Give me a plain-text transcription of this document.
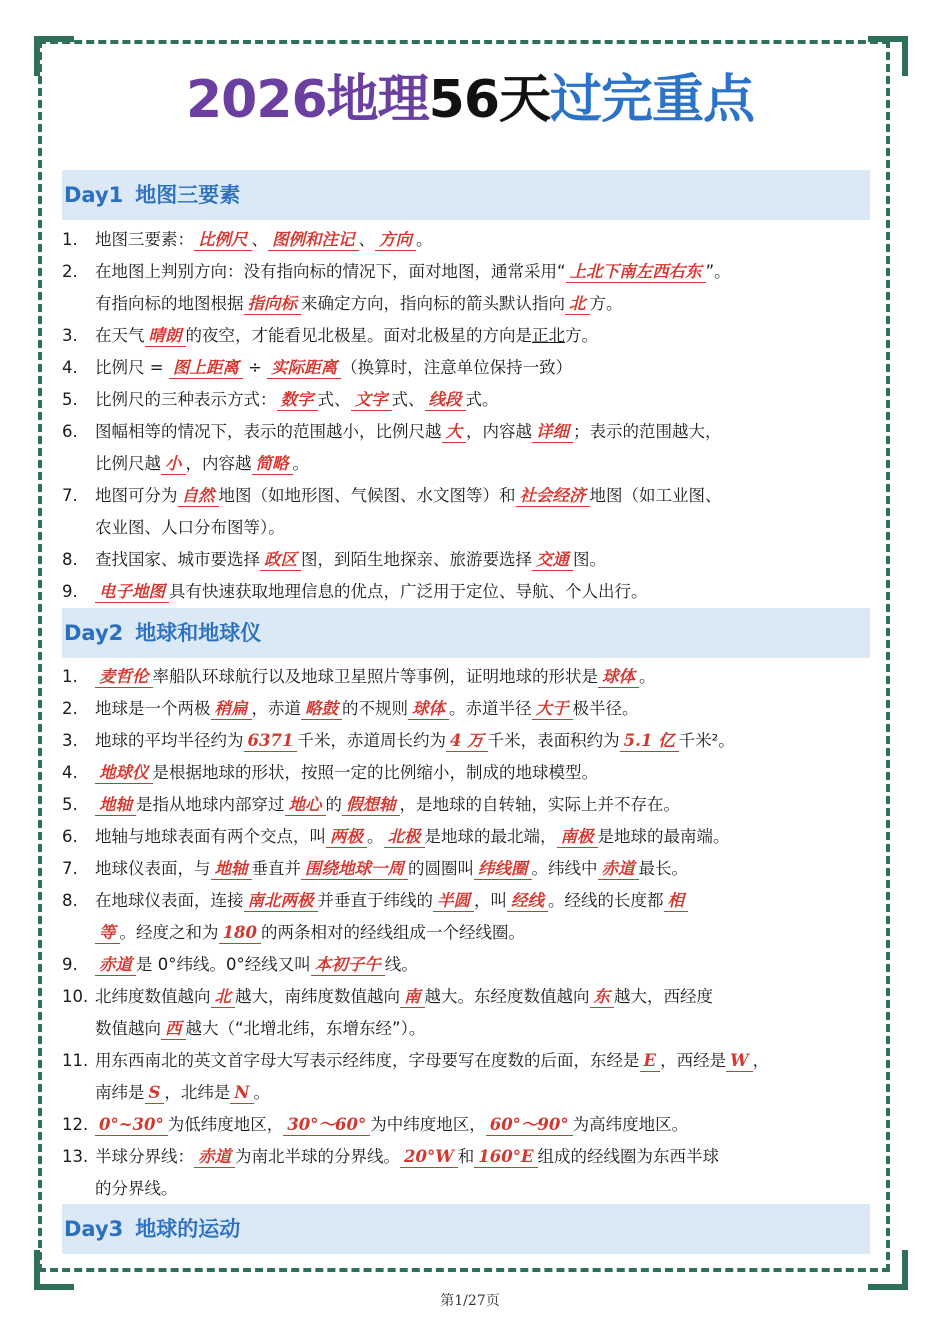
2026地理56天过完重点
Day1 地图三要素
1. 地图三要素： 比例尺 、 图例和注记 、 方向 。
2. 在地图上判别方向：没有指向标的情况下，面对地图，通常采用“ 上北下南左西右东 ”。
有指向标的地图根据 指向标 来确定方向，指向标的箭头默认指向 北 方。
3. 在天气 晴朗 的夜空，才能看见北极星。面对北极星的方向是正北方。
4. 比例尺 = 图上距离 ÷ 实际距离 （换算时，注意单位保持一致）
5. 比例尺的三种表示方式： 数字 式、 文字 式、 线段 式。
6. 图幅相等的情况下，表示的范围越小，比例尺越 大 ，内容越 详细 ；表示的范围越大，
比例尺越 小 ，内容越 简略 。
7. 地图可分为 自然 地图（如地形图、气候图、水文图等）和 社会经济 地图（如工业图、
农业图、人口分布图等）。
8. 查找国家、城市要选择 政区 图，到陌生地探亲、旅游要选择 交通 图。
9. 电子地图 具有快速获取地理信息的优点，广泛用于定位、导航、个人出行。
Day2 地球和地球仪
1. 麦哲伦 率船队环球航行以及地球卫星照片等事例，证明地球的形状是 球体 。
2. 地球是一个两极 稍扁 ，赤道 略鼓 的不规则 球体 。赤道半径 大于 极半径。
3. 地球的平均半径约为 6371 千米，赤道周长约为 4 万 千米，表面积约为 5.1 亿 千米²。
4. 地球仪 是根据地球的形状，按照一定的比例缩小，制成的地球模型。
5. 地轴 是指从地球内部穿过 地心 的 假想轴 ，是地球的自转轴，实际上并不存在。
6. 地轴与地球表面有两个交点，叫 两极 。 北极 是地球的最北端， 南极 是地球的最南端。
7. 地球仪表面，与 地轴 垂直并 围绕地球一周 的圆圈叫 纬线圈 。纬线中 赤道 最长。
8. 在地球仪表面，连接 南北两极 并垂直于纬线的 半圆 ，叫 经线 。经线的长度都 相
等 。经度之和为 180 的两条相对的经线组成一个经线圈。
9. 赤道 是 0°纬线。0°经线又叫 本初子午 线。
10. 北纬度数值越向 北 越大，南纬度数值越向 南 越大。东经度数值越向 东 越大，西经度
数值越向 西 越大（“北增北纬，东增东经”）。
11. 用东西南北的英文首字母大写表示经纬度，字母要写在度数的后面，东经是 E ，西经是 W ，
南纬是 S ，北纬是 N 。
12. 0°~30° 为低纬度地区， 30°～60° 为中纬度地区， 60°～90° 为高纬度地区。
13. 半球分界线： 赤道 为南北半球的分界线。 20°W 和 160°E 组成的经线圈为东西半球
的分界线。
Day3 地球的运动
第1/27页
